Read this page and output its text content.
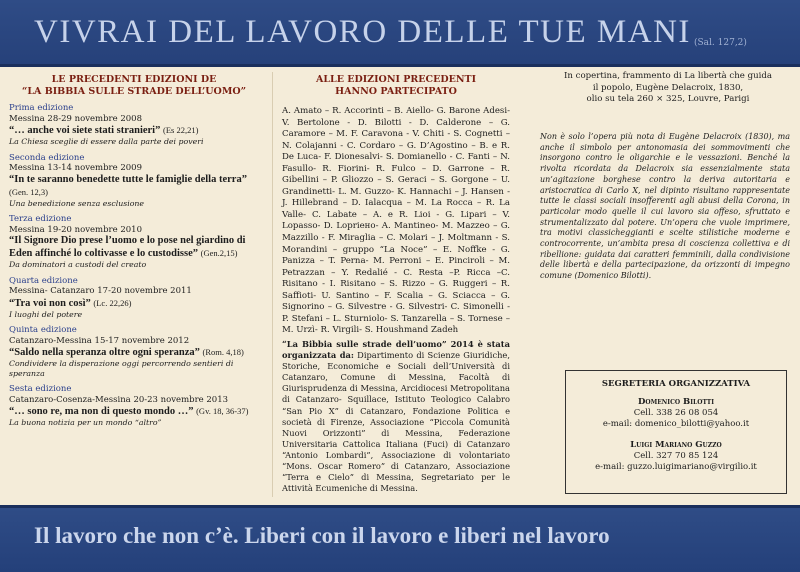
VIVRAI DEL LAVORO DELLE TUE MANI (Sal. 127,2)
LE PRECEDENTI EDIZIONI DE
“LA BIBBIA SULLE STRADE DELL’UOMO”
Prima edizione
Messina 28-29 novembre 2008
“… anche voi siete stati stranieri” (Es 22,21)
La Chiesa sceglie di essere dalla parte dei poveri
Seconda edizione
Messina 13-14 novembre 2009
“In te saranno benedette tutte le famiglie della terra” (Gen. 12,3)
Una benedizione senza esclusione
Terza edizione
Messina 19-20 novembre 2010
“Il Signore Dio prese l’uomo e lo pose nel giardino di Eden affinché lo coltivasse e lo custodisse” (Gen.2,15)
Da dominatori a custodi del creato
Quarta edizione
Messina- Catanzaro 17-20 novembre 2011
“Tra voi non così” (Lc. 22,26)
I luoghi del potere
Quinta edizione
Catanzaro-Messina 15-17 novembre 2012
“Saldo nella speranza oltre ogni speranza” (Rom. 4,18)
Condividere la disperazione oggi percorrendo sentieri di speranza
Sesta edizione
Catanzaro-Cosenza-Messina 20-23 novembre 2013
“… sono re, ma non di questo mondo …” (Gv. 18, 36-37)
La buona notizia per un mondo “altro”
ALLE EDIZIONI PRECEDENTI
HANNO PARTECIPATO
A. Amato – R. Accorinti – B. Aiello- G. Barone Adesi- V. Bertolone - D. Bilotti - D. Calderone – G. Caramore – M. F. Caravona - V. Chiti - S. Cognetti – N. Colajanni - C. Cordaro – G. D’Agostino – B. e R. De Luca- F. Dionesalvi- S. Domianello - C. Fanti – N. Fasullo- R. Fiorini- R. Fulco – D. Garrone – R. Gibellini – P. Gliozzo – S. Geraci – S. Gorgone – U. Grandinetti- L. M. Guzzo- K. Hannachi – J. Hansen - J. Hillebrand – D. Ialacqua – M. La Rocca – R. La Valle- C. Labate – A. e R. Lioi - G. Lipari – V. Lopasso- D. Lopriено- A. Mantineo- M. Mazzeo – G. Mazzillo - F. Miraglia – C. Molari – J. Moltmann - S. Morandini – gruppo “La Noce” – E. Noffke - G. Panizza – T. Perna- M. Perroni – E. Pinciroli – M. Petrazzan – Y. Redalié - C. Resta –P. Ricca –C. Risitano - I. Risitano – S. Rizzo – G. Ruggeri – R. Saffioti- U. Santino – F. Scalia – G. Sciacca – G. Signorino – G. Silvestre - G. Silvestri- C. Simonelli - P. Stefani – L. Sturniolo- S. Tanzarella – S. Tornese – M. Urzì- R. Virgili- S. Houshmand Zadeh
“La Bibbia sulle strade dell’uomo” 2014 è stata organizzata da: Dipartimento di Scienze Giuridiche, Storiche, Economiche e Sociali dell’Università di Catanzaro, Comune di Messina, Facoltà di Giurisprudenza di Messina, Arcidiocesi Metropolitana di Catanzaro- Squillace, Istituto Teologico Calabro “San Pio X” di Catanzaro, Fondazione Politica e società di Firenze, Associazione “Piccola Comunità Nuovi Orizzonti” di Messina, Federazione Universitaria Cattolica Italiana (Fuci) di Catanzaro “Antonio Lombardi”, Associazione di volontariato “Mons. Oscar Romero” di Catanzaro, Associazione “Terra e Cielo” di Messina, Segretariato per le Attività Ecumeniche di Messina.
In copertina, frammento di La libertà che guida
il popolo, Eugène Delacroix, 1830,
olio su tela 260 × 325, Louvre, Parigi
Non è solo l’opera più nota di Eugène Delacroix (1830), ma anche il simbolo per antonomasia dei sommovimenti che insorgono contro le oligarchie e le vessazioni. Benché la rivolta ricordata da Delacroix sia essenzialmente stata un’agitazione borghese contro la deriva autoritaria e aristocratica di Carlo X, nel dipinto risultano rappresentate tutte le classi sociali insofferenti agli abusi della Corona, in particolar modo quelle il cui lavoro sia offeso, sfruttato e strumentalizzato dal potere. Un’opera che vuole imprimere, tra motivi classicheggianti e scelte stilistiche moderne e controcorrente, un’ambita presa di coscienza collettiva e di ribellione: guidata dai caratteri femminili, dalla condivisione delle libertà e della partecipazione, da orizzonti di impegno comune (Domenico Bilotti).
SEGRETERIA ORGANIZZATIVA
Domenico Bilotti
Cell. 338 26 08 054
e-mail: domenico_bilotti@yahoo.it
Luigi Mariano Guzzo
Cell. 327 70 85 124
e-mail: guzzo.luigimariano@virgilio.it
Il lavoro che non c’è. Liberi con il lavoro e liberi nel lavoro
